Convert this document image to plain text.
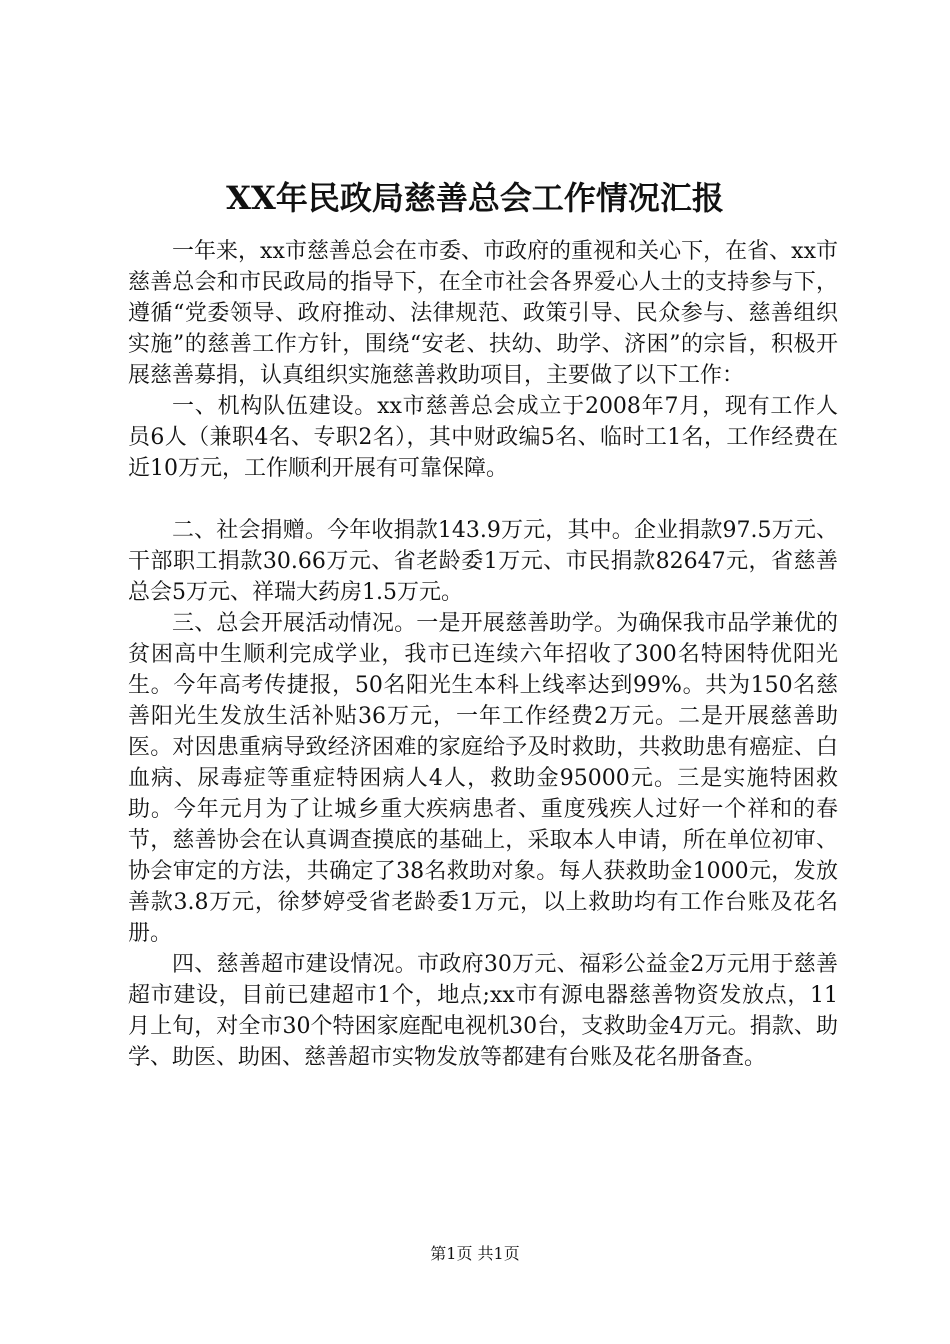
XX年民政局慈善总会工作情况汇报

一年来，xx市慈善总会在市委、市政府的重视和关心下，在省、xx市慈善总会和市民政局的指导下，在全市社会各界爱心人士的支持参与下，遵循“党委领导、政府推动、法律规范、政策引导、民众参与、慈善组织实施”的慈善工作方针，围绕“安老、扶幼、助学、济困”的宗旨，积极开展慈善募捐，认真组织实施慈善救助项目，主要做了以下工作：

一、机构队伍建设。xx市慈善总会成立于2008年7月，现有工作人员6人（兼职4名、专职2名），其中财政编5名、临时工1名，工作经费在近10万元，工作顺利开展有可靠保障。

二、社会捐赠。今年收捐款143.9万元，其中。企业捐款97.5万元、干部职工捐款30.66万元、省老龄委1万元、市民捐款82647元，省慈善总会5万元、祥瑞大药房1.5万元。

三、总会开展活动情况。一是开展慈善助学。为确保我市品学兼优的贫困高中生顺利完成学业，我市已连续六年招收了300名特困特优阳光生。今年高考传捷报，50名阳光生本科上线率达到99%。共为150名慈善阳光生发放生活补贴36万元，一年工作经费2万元。二是开展慈善助医。对因患重病导致经济困难的家庭给予及时救助，共救助患有癌症、白血病、尿毒症等重症特困病人4人，救助金95000元。三是实施特困救助。今年元月为了让城乡重大疾病患者、重度残疾人过好一个祥和的春节，慈善协会在认真调查摸底的基础上，采取本人申请，所在单位初审、协会审定的方法，共确定了38名救助对象。每人获救助金1000元，发放善款3.8万元，徐梦婷受省老龄委1万元，以上救助均有工作台账及花名册。

四、慈善超市建设情况。市政府30万元、福彩公益金2万元用于慈善超市建设，目前已建超市1个，地点;xx市有源电器慈善物资发放点，11月上旬，对全市30个特困家庭配电视机30台，支救助金4万元。捐款、助学、助医、助困、慈善超市实物发放等都建有台账及花名册备查。

第1页 共1页
